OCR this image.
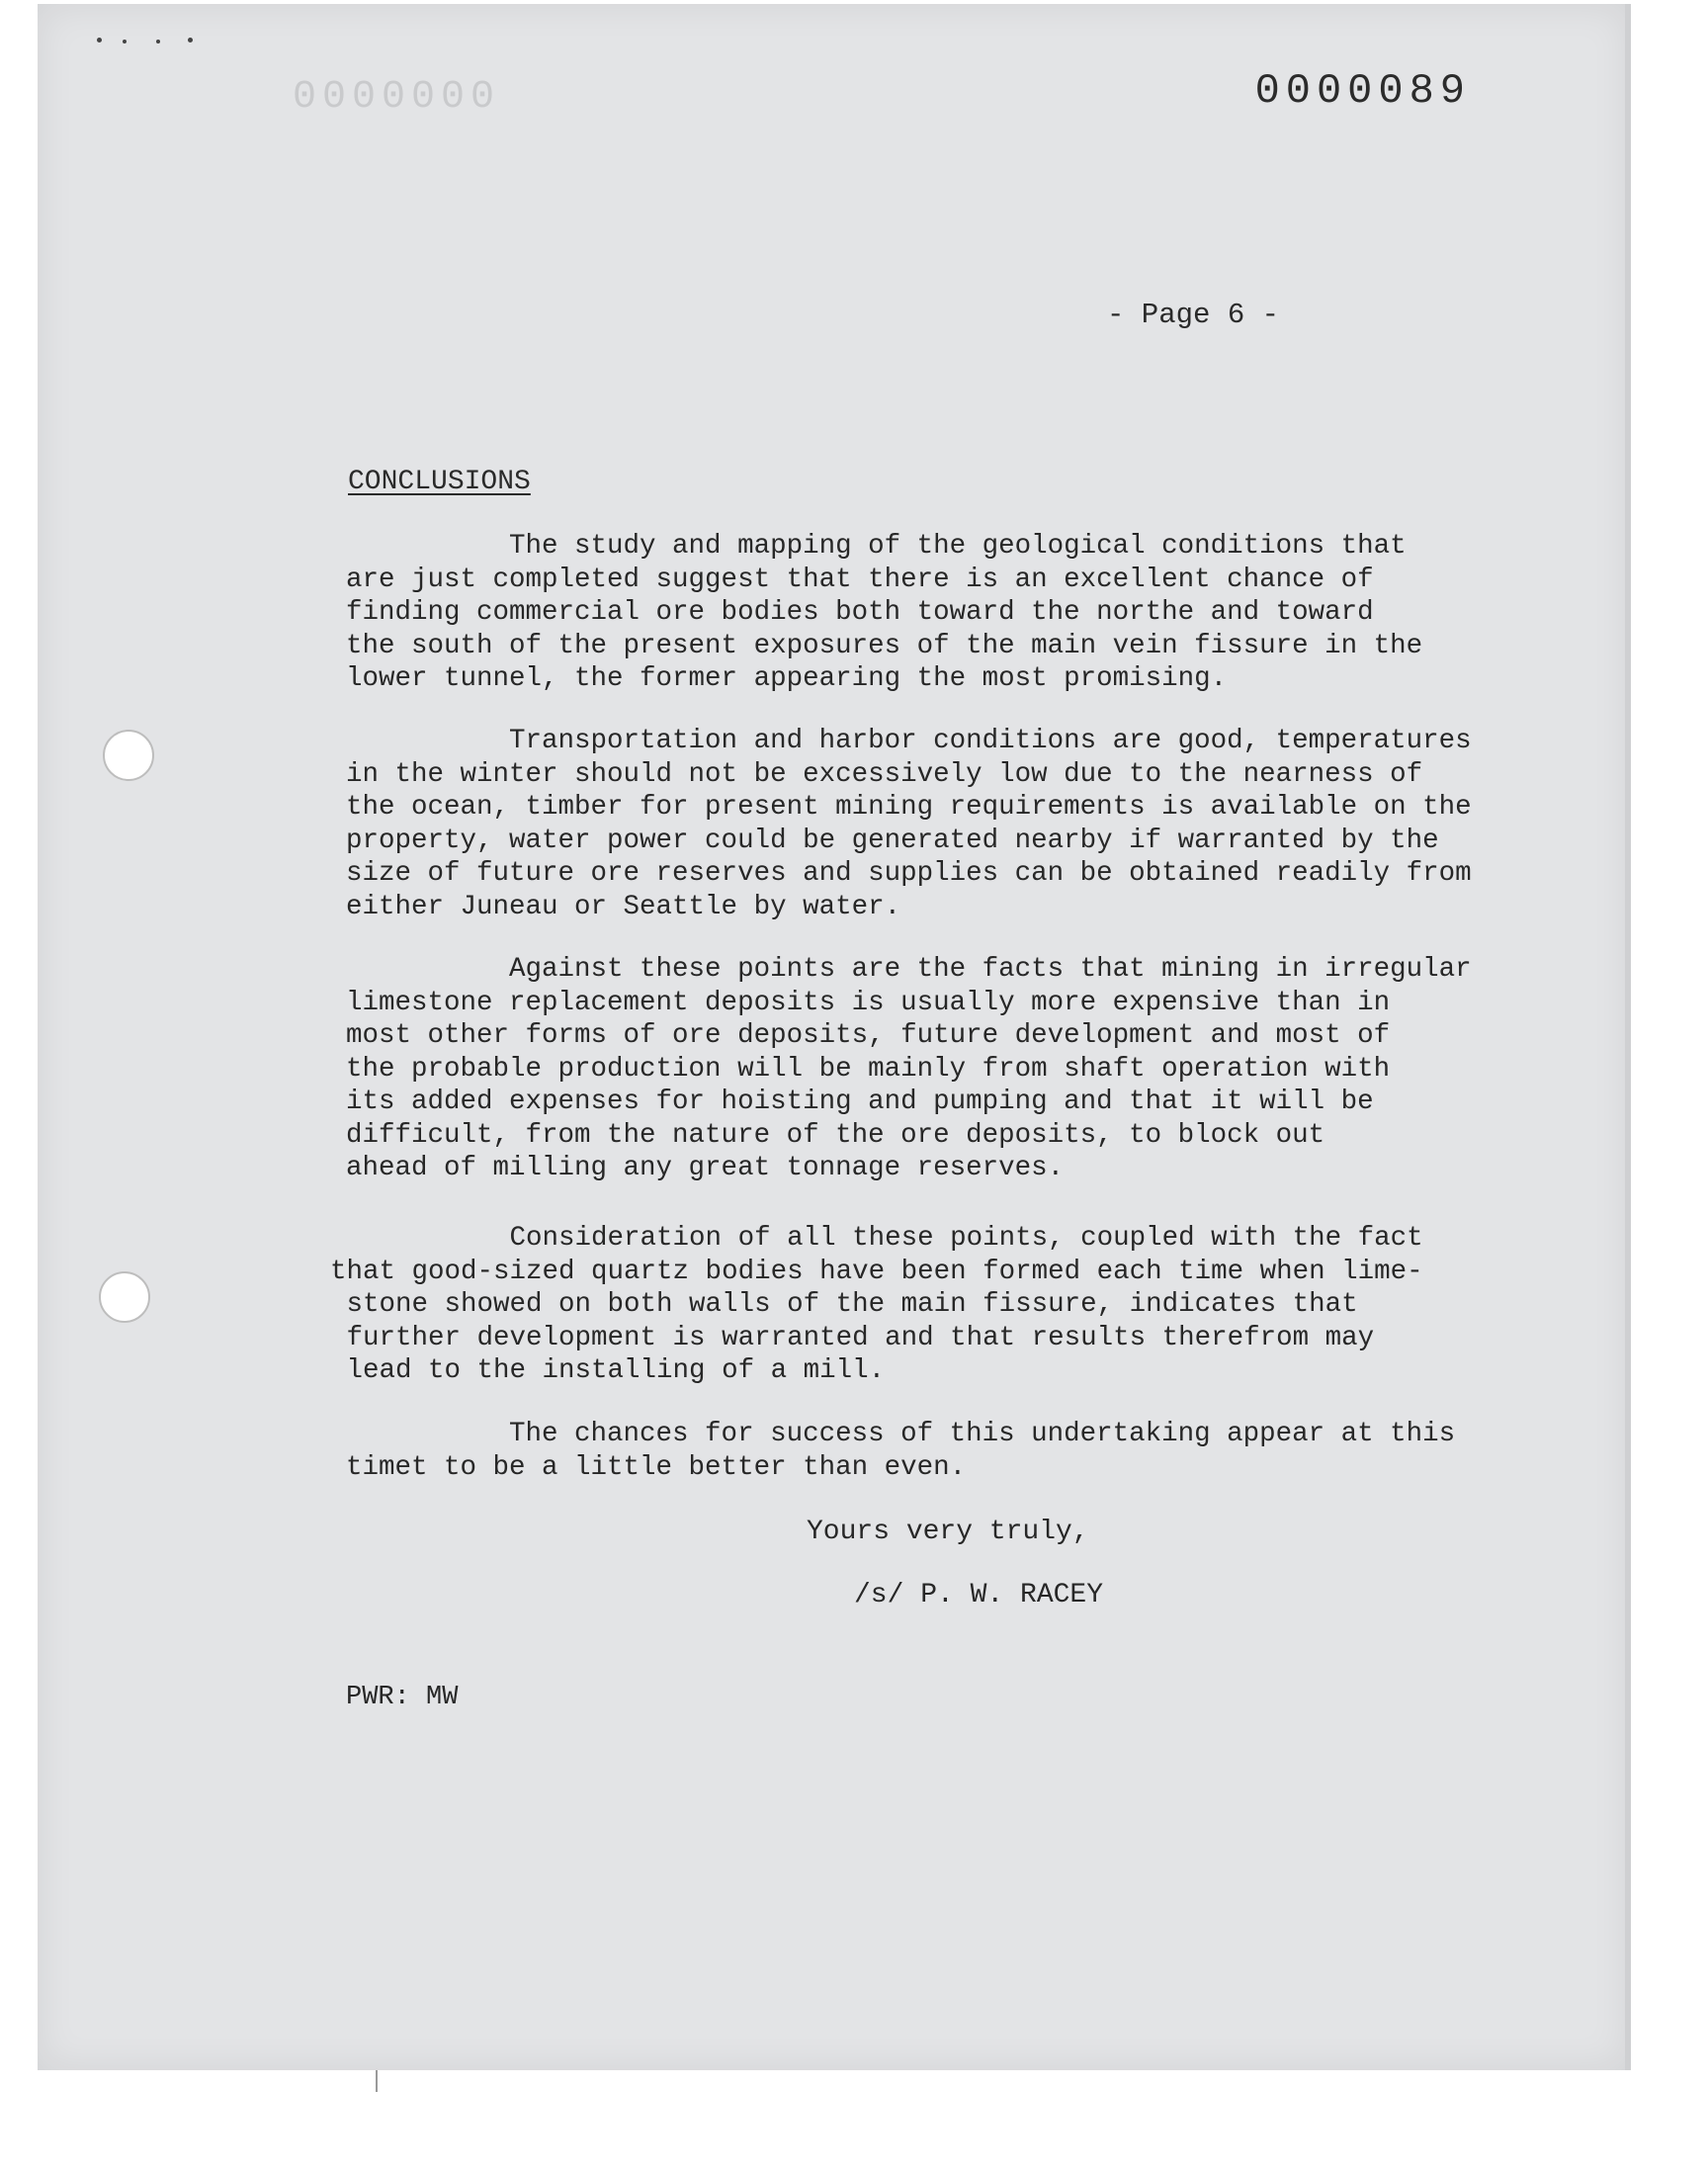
0000000	0000089
- Page 6 -
CONCLUSIONS

The study and mapping of the geological conditions that
are just completed suggest that there is an excellent chance of
finding commercial ore bodies both toward the northe and toward
the south of the present exposures of the main vein fissure in the
lower tunnel, the former appearing the most promising.

Transportation and harbor conditions are good, temperatures
in the winter should not be excessively low due to the nearness of
the ocean, timber for present mining requirements is available on the
property, water power could be generated nearby if warranted by the
size of future ore reserves and supplies can be obtained readily from
either Juneau or Seattle by water.

Against these points are the facts that mining in irregular
limestone replacement deposits is usually more expensive than in
most other forms of ore deposits, future development and most of
the probable production will be mainly from shaft operation with
its added expenses for hoisting and pumping and that it will be
difficult, from the nature of the ore deposits, to block out
ahead of milling any great tonnage reserves.

Consideration of all these points, coupled with the fact
that good-sized quartz bodies have been formed each time when lime-
stone showed on both walls of the main fissure, indicates that
further development is warranted and that results therefrom may
lead to the installing of a mill.

The chances for success of this undertaking appear at this
timet to be a little better than even.

Yours very truly,
/s/ P. W. RACEY
PWR: MW
